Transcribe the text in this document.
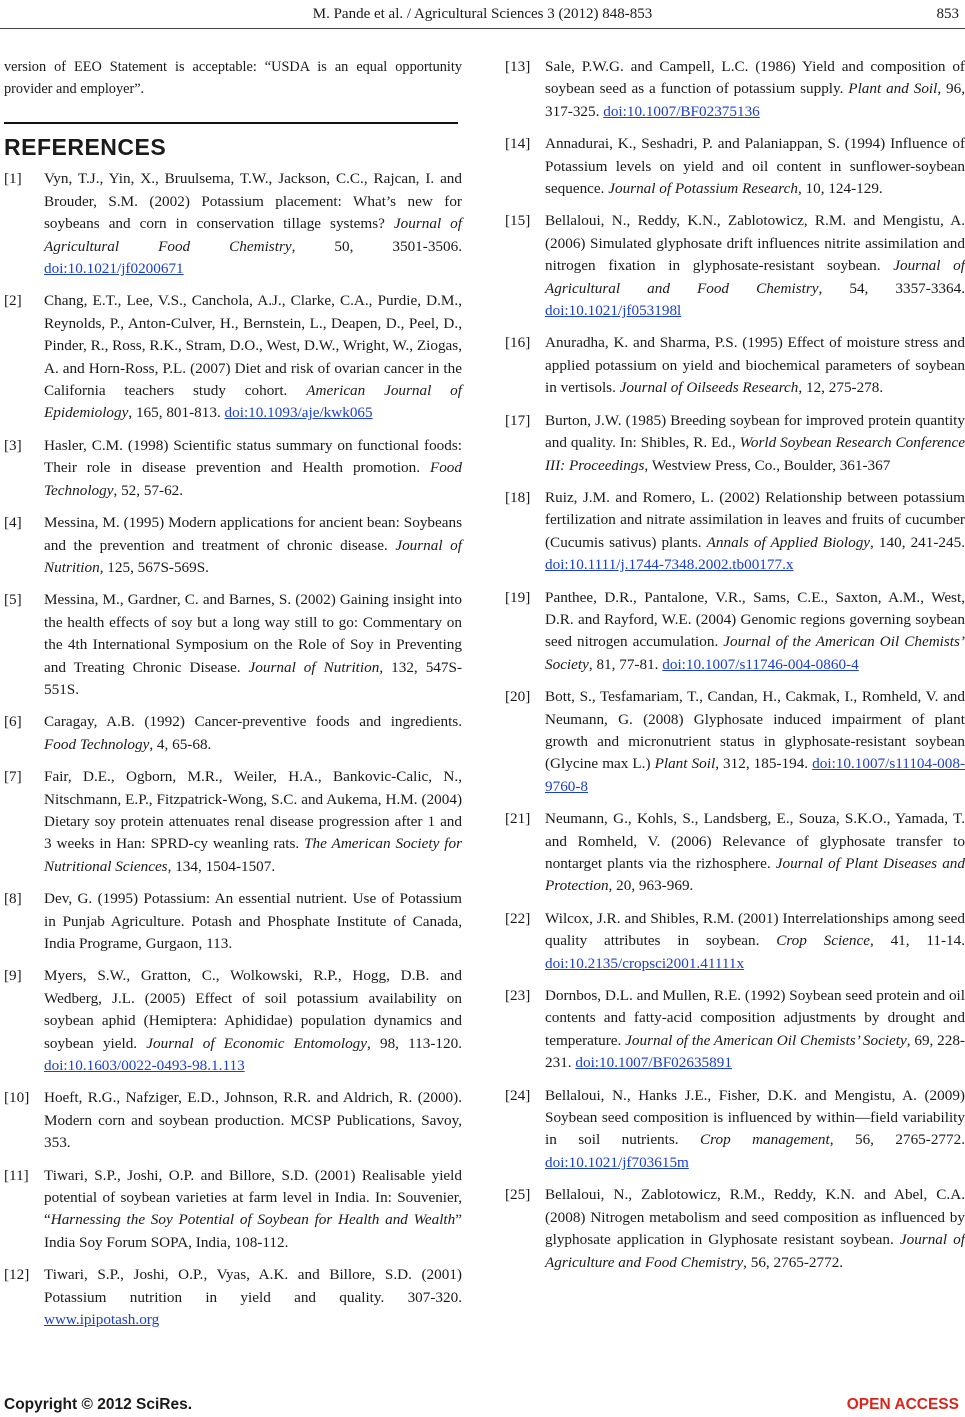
M. Pande et al. / Agricultural Sciences 3 (2012) 848-853	853

version of EEO Statement is acceptable: “USDA is an equal opportunity provider and employer”.

REFERENCES
[1] Vyn, T.J., Yin, X., Bruulsema, T.W., Jackson, C.C., Rajcan, I. and Brouder, S.M. (2002) Potassium placement: What’s new for soybeans and corn in conservation tillage systems? Journal of Agricultural Food Chemistry, 50, 3501-3506. doi:10.1021/jf0200671
[2] Chang, E.T., Lee, V.S., Canchola, A.J., Clarke, C.A., Purdie, D.M., Reynolds, P., Anton-Culver, H., Bernstein, L., Deapen, D., Peel, D., Pinder, R., Ross, R.K., Stram, D.O., West, D.W., Wright, W., Ziogas, A. and Horn-Ross, P.L. (2007) Diet and risk of ovarian cancer in the California teachers study cohort. American Journal of Epidemiology, 165, 801-813. doi:10.1093/aje/kwk065
[3] Hasler, C.M. (1998) Scientific status summary on functional foods: Their role in disease prevention and Health promotion. Food Technology, 52, 57-62.
[4] Messina, M. (1995) Modern applications for ancient bean: Soybeans and the prevention and treatment of chronic disease. Journal of Nutrition, 125, 567S-569S.
[5] Messina, M., Gardner, C. and Barnes, S. (2002) Gaining insight into the health effects of soy but a long way still to go: Commentary on the 4th International Symposium on the Role of Soy in Preventing and Treating Chronic Disease. Journal of Nutrition, 132, 547S-551S.
[6] Caragay, A.B. (1992) Cancer-preventive foods and ingredients. Food Technology, 4, 65-68.
[7] Fair, D.E., Ogborn, M.R., Weiler, H.A., Bankovic-Calic, N., Nitschmann, E.P., Fitzpatrick-Wong, S.C. and Aukema, H.M. (2004) Dietary soy protein attenuates renal disease progression after 1 and 3 weeks in Han: SPRD-cy weanling rats. The American Society for Nutritional Sciences, 134, 1504-1507.
[8] Dev, G. (1995) Potassium: An essential nutrient. Use of Potassium in Punjab Agriculture. Potash and Phosphate Institute of Canada, India Programe, Gurgaon, 113.
[9] Myers, S.W., Gratton, C., Wolkowski, R.P., Hogg, D.B. and Wedberg, J.L. (2005) Effect of soil potassium availability on soybean aphid (Hemiptera: Aphididae) population dynamics and soybean yield. Journal of Economic Entomology, 98, 113-120. doi:10.1603/0022-0493-98.1.113
[10] Hoeft, R.G., Nafziger, E.D., Johnson, R.R. and Aldrich, R. (2000). Modern corn and soybean production. MCSP Publications, Savoy, 353.
[11] Tiwari, S.P., Joshi, O.P. and Billore, S.D. (2001) Realisable yield potential of soybean varieties at farm level in India. In: Souvenier, “Harnessing the Soy Potential of Soybean for Health and Wealth” India Soy Forum SOPA, India, 108-112.
[12] Tiwari, S.P., Joshi, O.P., Vyas, A.K. and Billore, S.D. (2001) Potassium nutrition in yield and quality. 307-320. www.ipipotash.org
[13] Sale, P.W.G. and Campell, L.C. (1986) Yield and composition of soybean seed as a function of potassium supply. Plant and Soil, 96, 317-325. doi:10.1007/BF02375136
[14] Annadurai, K., Seshadri, P. and Palaniappan, S. (1994) Influence of Potassium levels on yield and oil content in sunflower-soybean sequence. Journal of Potassium Research, 10, 124-129.
[15] Bellaloui, N., Reddy, K.N., Zablotowicz, R.M. and Mengistu, A. (2006) Simulated glyphosate drift influences nitrite assimilation and nitrogen fixation in glyphosate-resistant soybean. Journal of Agricultural and Food Chemistry, 54, 3357-3364. doi:10.1021/jf053198l
[16] Anuradha, K. and Sharma, P.S. (1995) Effect of moisture stress and applied potassium on yield and biochemical parameters of soybean in vertisols. Journal of Oilseeds Research, 12, 275-278.
[17] Burton, J.W. (1985) Breeding soybean for improved protein quantity and quality. In: Shibles, R. Ed., World Soybean Research Conference III: Proceedings, Westview Press, Co., Boulder, 361-367
[18] Ruiz, J.M. and Romero, L. (2002) Relationship between potassium fertilization and nitrate assimilation in leaves and fruits of cucumber (Cucumis sativus) plants. Annals of Applied Biology, 140, 241-245. doi:10.1111/j.1744-7348.2002.tb00177.x
[19] Panthee, D.R., Pantalone, V.R., Sams, C.E., Saxton, A.M., West, D.R. and Rayford, W.E. (2004) Genomic regions governing soybean seed nitrogen accumulation. Journal of the American Oil Chemists’ Society, 81, 77-81. doi:10.1007/s11746-004-0860-4
[20] Bott, S., Tesfamariam, T., Candan, H., Cakmak, I., Romheld, V. and Neumann, G. (2008) Glyphosate induced impairment of plant growth and micronutrient status in glyphosate-resistant soybean (Glycine max L.) Plant Soil, 312, 185-194. doi:10.1007/s11104-008-9760-8
[21] Neumann, G., Kohls, S., Landsberg, E., Souza, S.K.O., Yamada, T. and Romheld, V. (2006) Relevance of glyphosate transfer to nontarget plants via the rizhosphere. Journal of Plant Diseases and Protection, 20, 963-969.
[22] Wilcox, J.R. and Shibles, R.M. (2001) Interrelationships among seed quality attributes in soybean. Crop Science, 41, 11-14. doi:10.2135/cropsci2001.41111x
[23] Dornbos, D.L. and Mullen, R.E. (1992) Soybean seed protein and oil contents and fatty-acid composition adjustments by drought and temperature. Journal of the American Oil Chemists’ Society, 69, 228-231. doi:10.1007/BF02635891
[24] Bellaloui, N., Hanks J.E., Fisher, D.K. and Mengistu, A. (2009) Soybean seed composition is influenced by within—field variability in soil nutrients. Crop management, 56, 2765-2772. doi:10.1021/jf703615m
[25] Bellaloui, N., Zablotowicz, R.M., Reddy, K.N. and Abel, C.A. (2008) Nitrogen metabolism and seed composition as influenced by glyphosate application in Glyphosate resistant soybean. Journal of Agriculture and Food Chemistry, 56, 2765-2772.
Copyright © 2012 SciRes.	OPEN ACCESS
